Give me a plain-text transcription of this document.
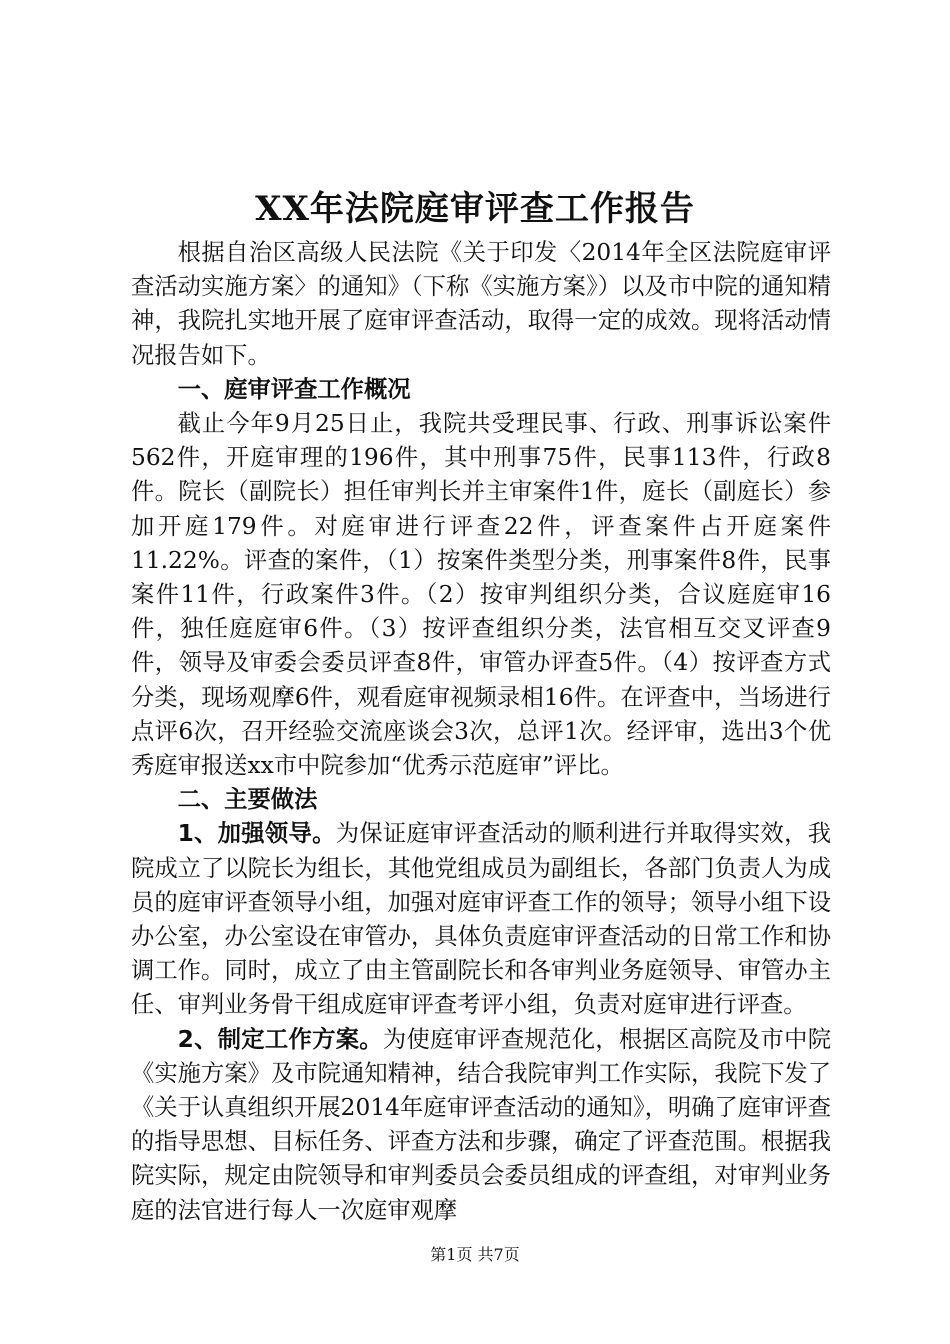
XX年法院庭审评查工作报告

根据自治区高级人民法院《关于印发〈2014年全区法院庭审评查活动实施方案〉的通知》（下称《实施方案》）以及市中院的通知精神，我院扎实地开展了庭审评查活动，取得一定的成效。现将活动情况报告如下。

一、庭审评查工作概况

截止今年9月25日止，我院共受理民事、行政、刑事诉讼案件562件，开庭审理的196件，其中刑事75件，民事113件，行政8件。院长（副院长）担任审判长并主审案件1件，庭长（副庭长）参加开庭179件。对庭审进行评查22件，评查案件占开庭案件11.22%。评查的案件，（1）按案件类型分类，刑事案件8件，民事案件11件，行政案件3件。（2）按审判组织分类，合议庭庭审16件，独任庭庭审6件。（3）按评查组织分类，法官相互交叉评查9件，领导及审委会委员评查8件，审管办评查5件。（4）按评查方式分类，现场观摩6件，观看庭审视频录相16件。在评查中，当场进行点评6次，召开经验交流座谈会3次，总评1次。经评审，选出3个优秀庭审报送xx市中院参加“优秀示范庭审”评比。

二、主要做法

1、加强领导。为保证庭审评查活动的顺利进行并取得实效，我院成立了以院长为组长，其他党组成员为副组长，各部门负责人为成员的庭审评查领导小组，加强对庭审评查工作的领导；领导小组下设办公室，办公室设在审管办，具体负责庭审评查活动的日常工作和协调工作。同时，成立了由主管副院长和各审判业务庭领导、审管办主任、审判业务骨干组成庭审评查考评小组，负责对庭审进行评查。

2、制定工作方案。为使庭审评查规范化，根据区高院及市中院《实施方案》及市院通知精神，结合我院审判工作实际，我院下发了《关于认真组织开展2014年庭审评查活动的通知》，明确了庭审评查的指导思想、目标任务、评查方法和步骤，确定了评查范围。根据我院实际，规定由院领导和审判委员会委员组成的评查组，对审判业务庭的法官进行每人一次庭审观摩

第1页 共7页
